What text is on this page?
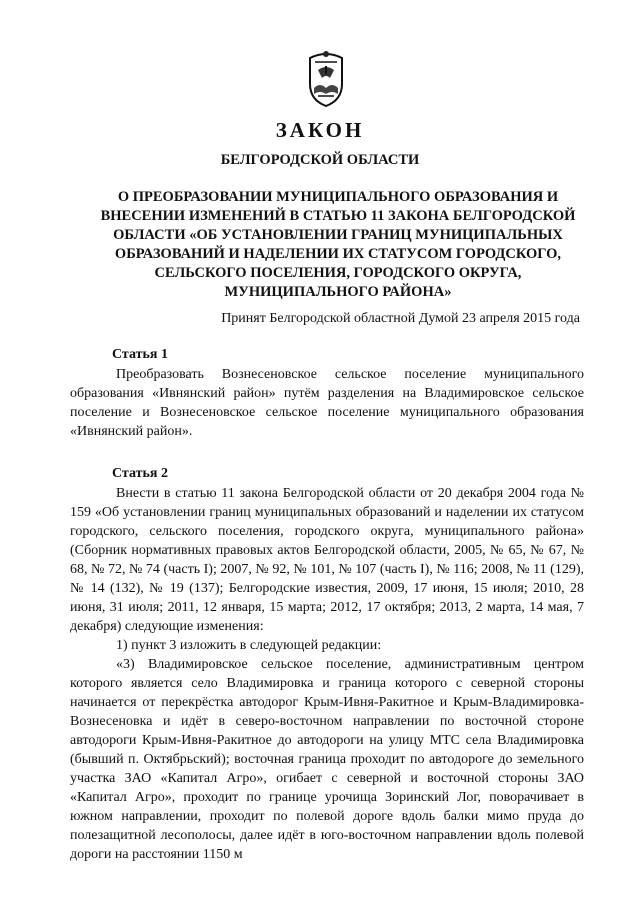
ЗАКОН
БЕЛГОРОДСКОЙ ОБЛАСТИ
О ПРЕОБРАЗОВАНИИ МУНИЦИПАЛЬНОГО ОБРАЗОВАНИЯ И ВНЕСЕНИИ ИЗМЕНЕНИЙ В СТАТЬЮ 11 ЗАКОНА БЕЛГОРОДСКОЙ ОБЛАСТИ «ОБ УСТАНОВЛЕНИИ ГРАНИЦ МУНИЦИПАЛЬНЫХ ОБРАЗОВАНИЙ И НАДЕЛЕНИИ ИХ СТАТУСОМ ГОРОДСКОГО, СЕЛЬСКОГО ПОСЕЛЕНИЯ, ГОРОДСКОГО ОКРУГА, МУНИЦИПАЛЬНОГО РАЙОНА»
Принят Белгородской областной Думой 23 апреля 2015 года
Статья 1

Преобразовать Вознесеновское сельское поселение муниципального образования «Ивнянский район» путём разделения на Владимировское сельское поселение и Вознесеновское сельское поселение муниципального образования «Ивнянский район».

Статья 2

Внести в статью 11 закона Белгородской области от 20 декабря 2004 года № 159 «Об установлении границ муниципальных образований и наделении их статусом городского, сельского поселения, городского округа, муниципального района» (Сборник нормативных правовых актов Белгородской области, 2005, № 65, № 67, № 68, № 72, № 74 (часть I); 2007, № 92, № 101, № 107 (часть I), № 116; 2008, № 11 (129), № 14 (132), № 19 (137); Белгородские известия, 2009, 17 июня, 15 июля; 2010, 28 июня, 31 июля; 2011, 12 января, 15 марта; 2012, 17 октября; 2013, 2 марта, 14 мая, 7 декабря) следующие изменения:

1) пункт 3 изложить в следующей редакции:

«3) Владимировское сельское поселение, административным центром которого является село Владимировка и граница которого с северной стороны начинается от перекрёстка автодорог Крым-Ивня-Ракитное и Крым-Владимировка-Вознесеновка и идёт в северо-восточном направлении по восточной стороне автодороги Крым-Ивня-Ракитное до автодороги на улицу МТС села Владимировка (бывший п. Октябрьский); восточная граница проходит по автодороге до земельного участка ЗАО «Капитал Агро», огибает с северной и восточной стороны ЗАО «Капитал Агро», проходит по границе урочища Зоринский Лог, поворачивает в южном направлении, проходит по полевой дороге вдоль балки мимо пруда до полезащитной лесополосы, далее идёт в юго-восточном направлении вдоль полевой дороги на расстоянии 1150 м
